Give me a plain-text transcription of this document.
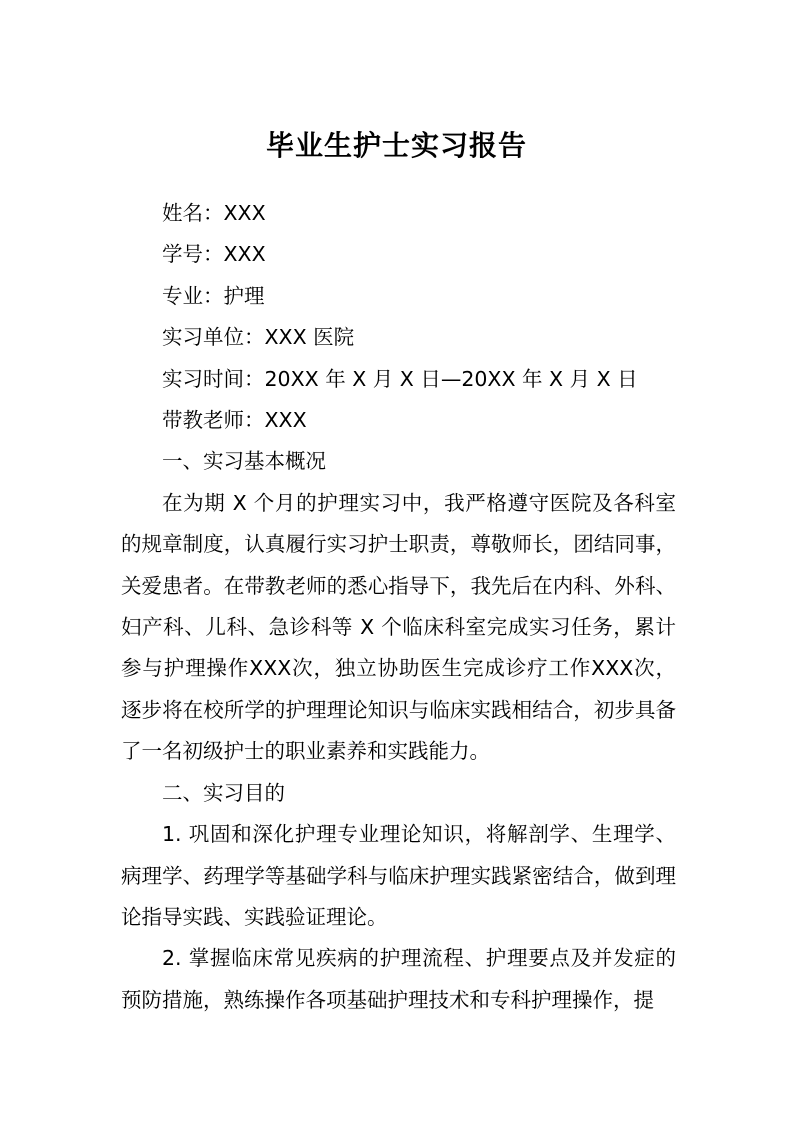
毕业生护士实习报告

姓名：XXX

学号：XXX

专业：护理

实习单位：XXX 医院

实习时间：20XX 年 X 月 X 日—20XX 年 X 月 X 日

带教老师：XXX

一、实习基本概况

在为期 X 个月的护理实习中，我严格遵守医院及各科室的规章制度，认真履行实习护士职责，尊敬师长，团结同事，关爱患者。在带教老师的悉心指导下，我先后在内科、外科、妇产科、儿科、急诊科等 X 个临床科室完成实习任务，累计参与护理操作XXX次，独立协助医生完成诊疗工作XXX次，逐步将在校所学的护理理论知识与临床实践相结合，初步具备了一名初级护士的职业素养和实践能力。

二、实习目的

1. 巩固和深化护理专业理论知识，将解剖学、生理学、病理学、药理学等基础学科与临床护理实践紧密结合，做到理论指导实践、实践验证理论。

2. 掌握临床常见疾病的护理流程、护理要点及并发症的预防措施，熟练操作各项基础护理技术和专科护理操作，提
